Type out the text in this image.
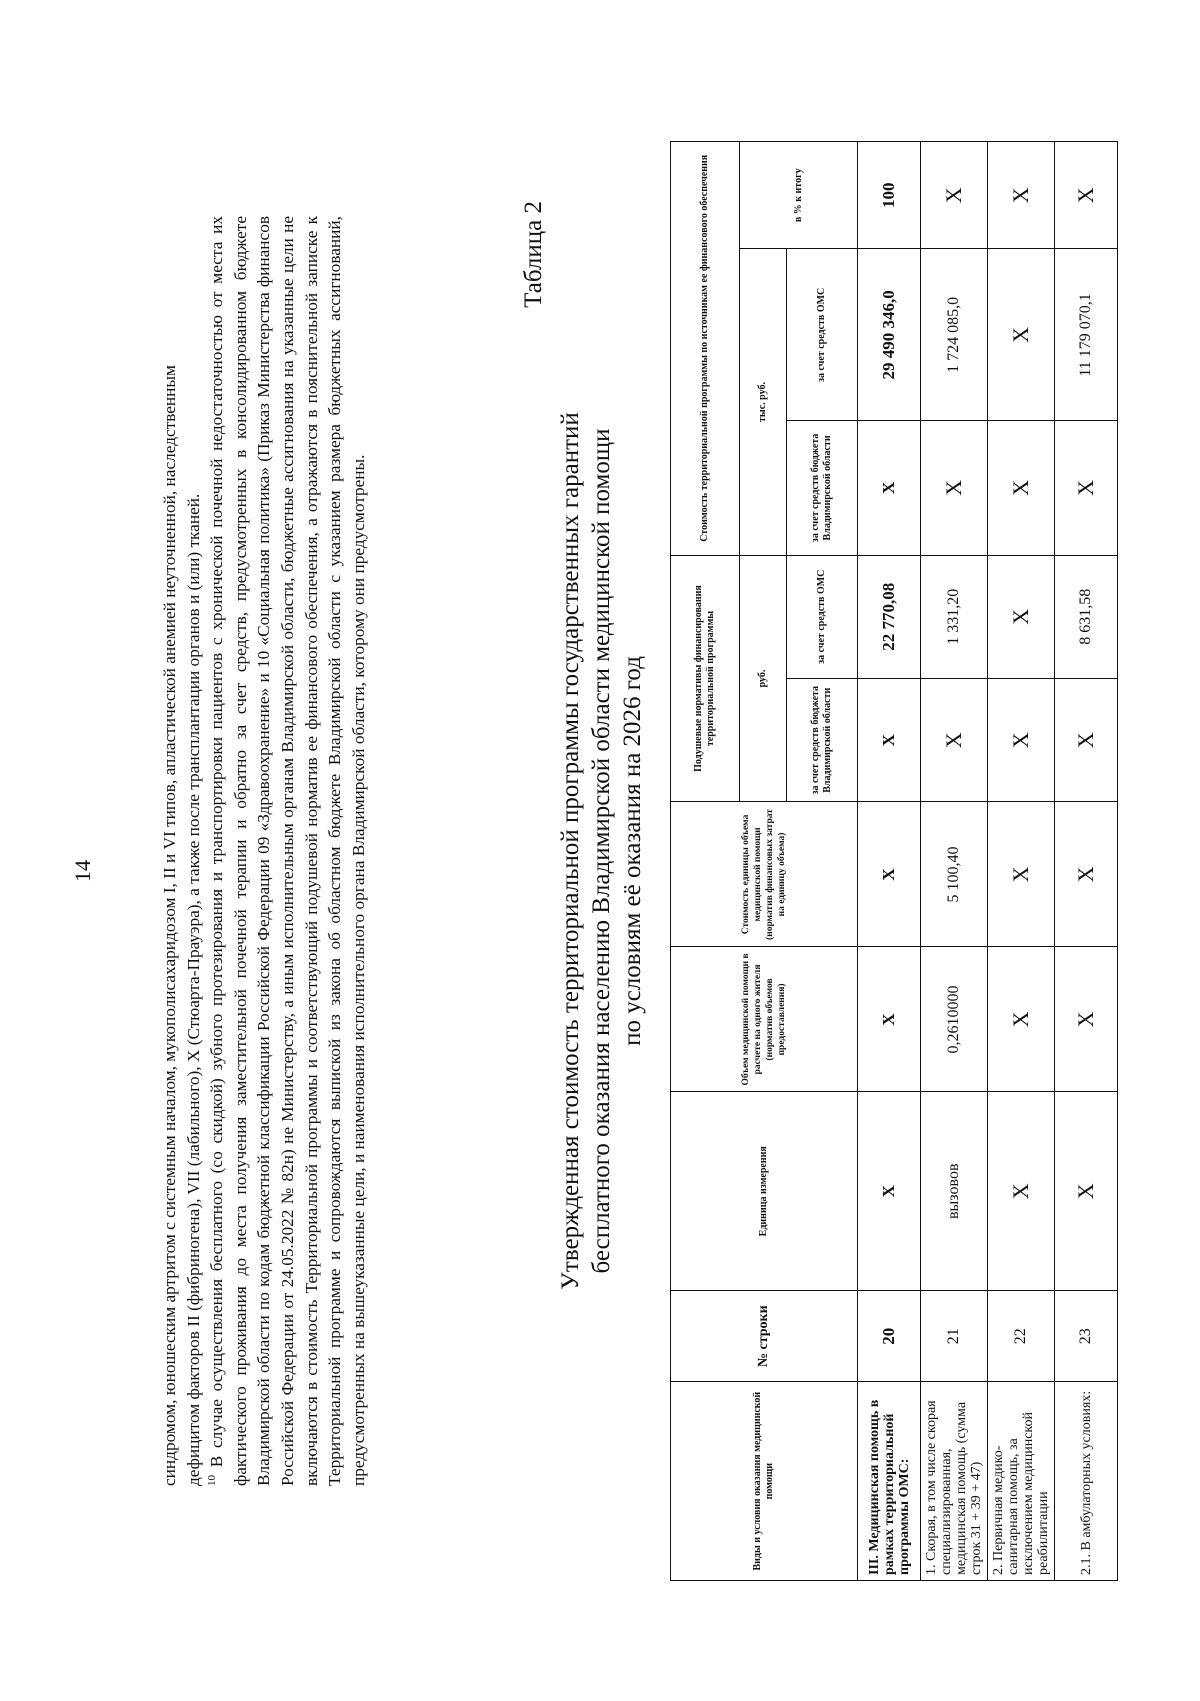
14	синдромом, юношеским артритом с системным началом, мукополисахаридозом I, II и VI типов, апластической анемией неуточненной, наследственным дефицитом факторов II (фибриногена), VII (лабильного), X (Стюарта-Прауэра), а также после трансплантации органов и (или) тканей. $^{10}$ В случае осуществления бесплатного (со скидкой) зубного протезирования и транспортировки пациентов с хронической почечной недостаточностью от места их фактического проживания до места получения заместительной почечной терапии и обратно за счет средств, предусмотренных в консолидированном бюджете Владимирской области по кодам бюджетной классификации Российской Федерации 09 «Здравоохранение» и 10 «Социальная политика» (Приказ Министерства финансов Российской Федерации от 24.05.2022 № 82н) не Министерству, а иным исполнительным органам Владимирской области, бюджетные ассигнования на указанные цели не включаются в стоимость Территориальной программы и соответствующий подушевой норматив ее финансового обеспечения, а отражаются в пояснительной записке к Территориальной программе и сопровождаются выпиской из закона об областном бюджете Владимирской области с указанием размера бюджетных ассигнований, предусмотренных на вышеуказанные цели, и наименования исполнительного органа Владимирской области, которому они предусмотрены.

Таблица 2
Утвержденная стоимость территориальной программы государственных гарантий бесплатного оказания населению Владимирской области медицинской помощи по условиям её оказания на 2026 год
Виды и условия оказания медицинской помощи	№ строки	Единица измерения	Объем медицинской помощи в расчете на одного жителя (норматив объемов предоставления)	Стоимость единицы объема медицинской помощи (норматив финансовых затрат на единицу объема)	Подушевые нормативы финансирования территориальной программы		Стоимость территориальной программы по источникам ее финансового обеспечения		
					руб.		тыс. руб.		в % к итогу
					за счет средств бюджета Владимирской области	за счет средств ОМС	за счет средств бюджета Владимирской области	за счет средств ОМС	
III. Медицинская помощь в рамках территориальной программы ОМС:	20	X	X	X	X	22 770,08	X	29 490 346,0	100
1. Скорая, в том числе скорая специализированная, медицинская помощь (сумма строк 31 + 39 + 47)	21	вызовов	0,2610000	5 100,40	X	1 331,20	X	1 724 085,0	X
2. Первичная медико-санитарная помощь, за исключением медицинской реабилитации	22	X	X	X	X	X	X	X	X
2.1. В амбулаторных условиях:	23	X	X	X	X	8 631,58	X	11 179 070,1	X
